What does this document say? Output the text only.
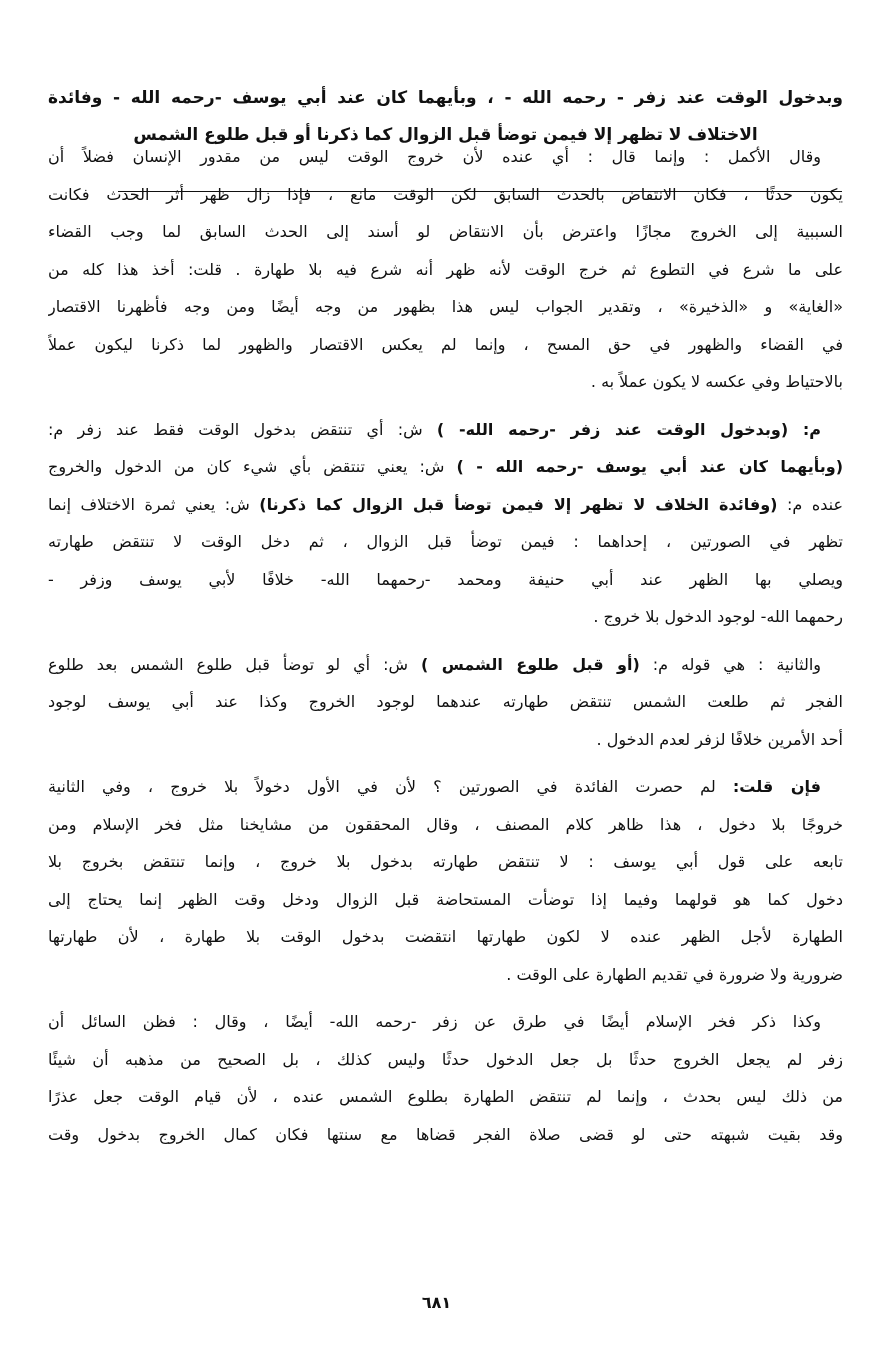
وبدخول الوقت عند زفر - رحمه الله - ، وبأيهما كان عند أبي يوسف -رحمه الله - وفائدة
الاختلاف لا تظهر إلا فيمن توضأ قبل الزوال كما ذكرنا أو قبل طلوع الشمس
وقال الأكمل : وإنما قال : أي عنده لأن خروج الوقت ليس من مقدور الإنسان فضلاً أن
يكون حدثًا ، فكان الانتقاض بالحدث السابق لكن الوقت مانع ، فإذا زال ظهر أثر الحدث فكانت
السببية إلى الخروج مجازًا واعترض بأن الانتقاض لو أسند إلى الحدث السابق لما وجب القضاء
على ما شرع في التطوع ثم خرج الوقت لأنه ظهر أنه شرع فيه بلا طهارة . قلت: أخذ هذا كله من
«الغاية» و «الذخيرة» ، وتقدير الجواب ليس هذا بظهور من وجه أيضًا ومن وجه فأظهرنا الاقتصار
في القضاء والظهور في حق المسح ، وإنما لم يعكس الاقتصار والظهور لما ذكرنا ليكون عملاً
بالاحتياط وفي عكسه لا يكون عملاً به .
م: (وبدخول الوقت عند زفر -رحمه الله- ) ش: أي تنتقض بدخول الوقت فقط عند زفر م:
(وبأيهما كان عند أبي يوسف -رحمه الله - ) ش: يعني تنتقض بأي شيء كان من الدخول والخروج
عنده م: (وفائدة الخلاف لا تظهر إلا فيمن توضأ قبل الزوال كما ذكرنا) ش: يعني ثمرة الاختلاف إنما
تظهر في الصورتين ، إحداهما : فيمن توضأ قبل الزوال ، ثم دخل الوقت لا تنتقض طهارته
ويصلي بها الظهر عند أبي حنيفة ومحمد -رحمهما الله- خلافًا لأبي يوسف وزفر -
رحمهما الله- لوجود الدخول بلا خروج .
والثانية : هي قوله م: (أو قبل طلوع الشمس ) ش: أي لو توضأ قبل طلوع الشمس بعد طلوع
الفجر ثم طلعت الشمس تنتقض طهارته عندهما لوجود الخروج وكذا عند أبي يوسف لوجود
أحد الأمرين خلافًا لزفر لعدم الدخول .
فإن قلت: لم حصرت الفائدة في الصورتين ؟ لأن في الأول دخولاً بلا خروج ، وفي الثانية
خروجًا بلا دخول ، هذا ظاهر كلام المصنف ، وقال المحققون من مشايخنا مثل فخر الإسلام ومن
تابعه على قول أبي يوسف : لا تنتقض طهارته بدخول بلا خروج ، وإنما تنتقض بخروج بلا
دخول كما هو قولهما وفيما إذا توضأت المستحاضة قبل الزوال ودخل وقت الظهر إنما يحتاج إلى
الطهارة لأجل الظهر عنده لا لكون طهارتها انتقضت بدخول الوقت بلا طهارة ، لأن طهارتها
ضرورية ولا ضرورة في تقديم الطهارة على الوقت .
وكذا ذكر فخر الإسلام أيضًا في طرق عن زفر -رحمه الله- أيضًا ، وقال : فظن السائل أن
زفر لم يجعل الخروج حدثًا بل جعل الدخول حدثًا وليس كذلك ، بل الصحيح من مذهبه أن شيئًا
من ذلك ليس بحدث ، وإنما لم تنتقض الطهارة بطلوع الشمس عنده ، لأن قيام الوقت جعل عذرًا
وقد بقيت شبهته حتى لو قضى صلاة الفجر قضاها مع سنتها فكان كمال الخروج بدخول وقت
٦٨١
